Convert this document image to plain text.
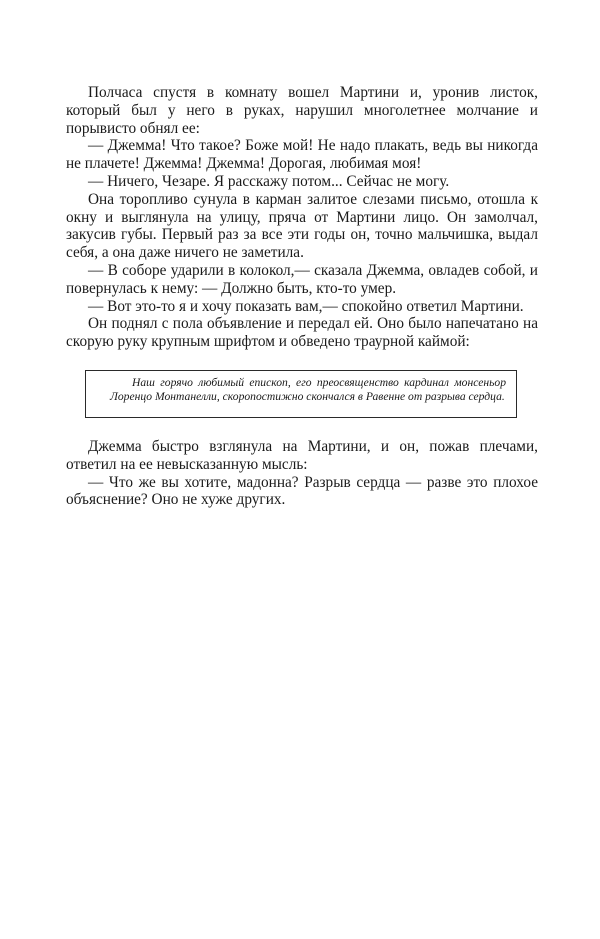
Полчаса спустя в комнату вошел Мартини и, уронив листок, который был у него в руках, нарушил многолетнее молчание и порывисто обнял ее:

— Джемма! Что такое? Боже мой! Не надо плакать, ведь вы никогда не плачете! Джемма! Джемма! Дорогая, любимая моя!

— Ничего, Чезаре. Я расскажу потом... Сейчас не могу.

Она торопливо сунула в карман залитое слезами письмо, отошла к окну и выглянула на улицу, пряча от Мартини лицо. Он замолчал, закусив губы. Первый раз за все эти годы он, точно мальчишка, выдал себя, а она даже ничего не заметила.

— В соборе ударили в колокол,— сказала Джемма, овладев собой, и повернулась к нему: — Должно быть, кто-то умер.

— Вот это-то я и хочу показать вам,— спокойно ответил Мартини.

Он поднял с пола объявление и передал ей. Оно было напечатано на скорую руку крупным шрифтом и обведено траурной каймой:

Наш горячо любимый епископ, его преосвященство кардинал монсеньор Лоренцо Монтанелли, скоропостижно скончался в Равенне от разрыва сердца.

Джемма быстро взглянула на Мартини, и он, пожав плечами, ответил на ее невысказанную мысль:

— Что же вы хотите, мадонна? Разрыв сердца — разве это плохое объяснение? Оно не хуже других.
